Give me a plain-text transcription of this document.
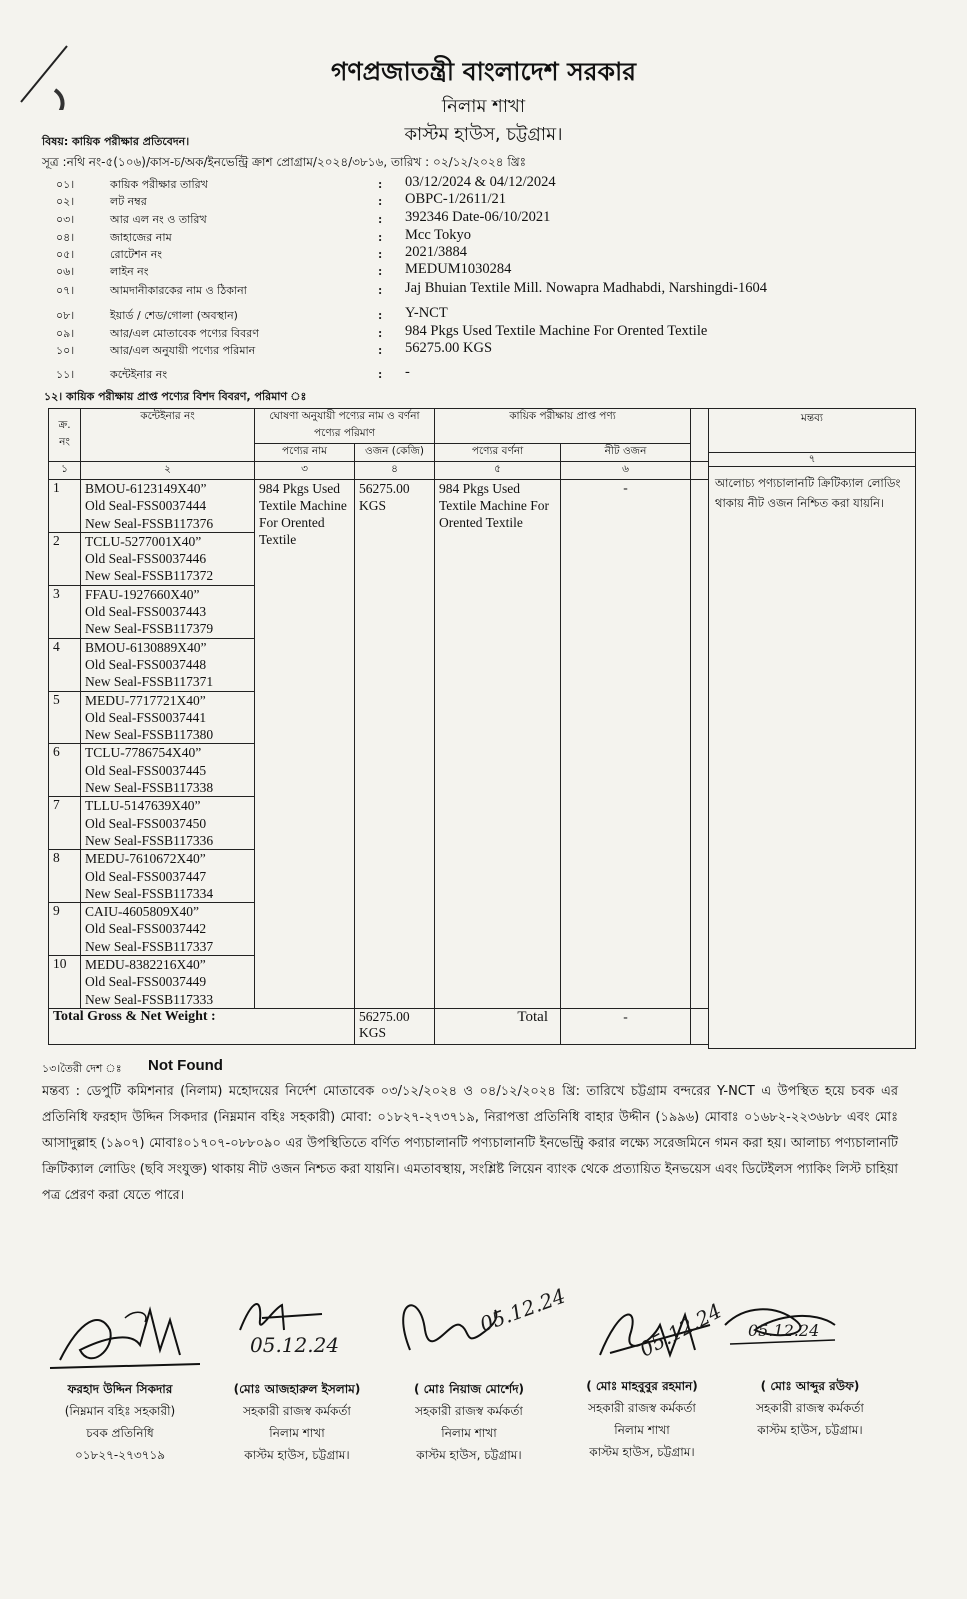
গণপ্রজাতন্ত্রী বাংলাদেশ সরকার
নিলাম শাখা
কাস্টম হাউস, চট্টগ্রাম।
বিষয়: কায়িক পরীক্ষার প্রতিবেদন।
সূত্র :নথি নং-৫(১০৬)/কাস-চ/অক/ইনভেন্ট্রি ক্রাশ প্রোগ্রাম/২০২৪/৩৮১৬, তারিখ : ০২/১২/২০২৪ খ্রিঃ
০১।	কায়িক পরীক্ষার তারিখ	: 03/12/2024 & 04/12/2024
০২।	লট নম্বর	: OBPC-1/2611/21
০৩।	আর এল নং ও তারিখ	: 392346 Date-06/10/2021
০৪।	জাহাজের নাম	: Mcc Tokyo
০৫।	রোটেশন নং	: 2021/3884
০৬।	লাইন নং	: MEDUM1030284
০৭।	আমদানীকারকের নাম ও ঠিকানা	: Jaj Bhuian Textile Mill. Nowapra Madhabdi, Narshingdi-1604
০৮।	ইয়ার্ড / শেড/গোলা (অবস্থান)	: Y-NCT
০৯।	আর/এল মোতাবেক পণ্যের বিবরণ	: 984 Pkgs Used Textile Machine For Orented Textile
১০।	আর/এল অনুযায়ী পণ্যের পরিমান	: 56275.00 KGS
১১।	কন্টেইনার নং	: -
১২। কায়িক পরীক্ষায় প্রাপ্ত পণ্যের বিশদ বিবরণ, পরিমাণ ঃ
ক্র. নং	কন্টেইনার নং	ঘোষণা অনুযায়ী পণ্যের নাম ও বর্ণনা পণ্যের পরিমাণ		কায়িক পরীক্ষায় প্রাপ্ত পণ্য		
		পণ্যের নাম	ওজন (কেজি)	পণ্যের বর্ণনা	নীট ওজন	
১	২	৩	৪	৫	৬	
1	BMOU-6123149X40”
Old Seal-FSS0037444
New Seal-FSSB117376	984 Pkgs Used Textile Machine For Orented Textile	56275.00 KGS	984 Pkgs Used Textile Machine For Orented Textile	-	
2	TCLU-5277001X40”
Old Seal-FSS0037446
New Seal-FSSB117372					

3	FFAU-1927660X40”
Old Seal-FSS0037443
New Seal-FSSB117379					

4	BMOU-6130889X40”
Old Seal-FSS0037448
New Seal-FSSB117371					

5	MEDU-7717721X40”
Old Seal-FSS0037441
New Seal-FSSB117380					

6	TCLU-7786754X40”
Old Seal-FSS0037445
New Seal-FSSB117338					

7	TLLU-5147639X40”
Old Seal-FSS0037450
New Seal-FSSB117336					

8	MEDU-7610672X40”
Old Seal-FSS0037447
New Seal-FSSB117334					

9	CAIU-4605809X40”
Old Seal-FSS0037442
New Seal-FSSB117337					

10	MEDU-8382216X40”
Old Seal-FSS0037449
New Seal-FSSB117333					

Total Gross & Net Weight :			56275.00 KGS	Total	-	
মন্তব্য
৭
আলোচ্য পণ্যচালানটি ক্রিটিক্যাল লোডিং থাকায় নীট ওজন নিশ্চিত করা যায়নি।
১৩।তৈরী দেশ ঃ Not Found
মন্তব্য : ডেপুটি কমিশনার (নিলাম) মহোদয়ের নির্দেশ মোতাবেক ০৩/১২/২০২৪ ও ০৪/১২/২০২৪ খ্রি: তারিখে চট্টগ্রাম বন্দরের Y-NCT এ উপস্থিত হয়ে চবক এর প্রতিনিধি ফরহাদ উদ্দিন সিকদার (নিম্নমান বহিঃ সহকারী) মোবা: ০১৮২৭-২৭৩৭১৯, নিরাপত্তা প্রতিনিধি বাহার উদ্দীন (১৯৯৬) মোবাঃ ০১৬৮২-২২৩৬৮৮ এবং মোঃ আসাদুল্লাহ (১৯০৭) মোবাঃ০১৭০৭-০৮৮০৯০ এর উপস্থিতিতে বর্ণিত পণ্যচালানটি পণ্যচালানটি ইনভেন্ট্রি করার লক্ষ্যে সরেজমিনে গমন করা হয়। আলাচ্য পণ্যচালানটি ক্রিটিক্যাল লোডিং (ছবি সংযুক্ত) থাকায় নীট ওজন নিশ্চত করা যায়নি। এমতাবস্থায়, সংশ্লিষ্ট লিয়েন ব্যাংক থেকে প্রত্যায়িত ইনভয়েস এবং ডিটেইলস প্যাকিং লিস্ট চাহিয়া পত্র প্রেরণ করা যেতে পারে।
05.12.24
05.12.24	05.12.24 05.12.24
ফরহাদ উদ্দিন সিকদার
(নিম্নমান বহিঃ সহকারী)
চবক প্রতিনিধি
০১৮২৭-২৭৩৭১৯
(মোঃ আজহারুল ইসলাম)
সহকারী রাজস্ব কর্মকর্তা
নিলাম শাখা
কাস্টম হাউস, চট্টগ্রাম।
( মোঃ নিয়াজ মোর্শেদ)
সহকারী রাজস্ব কর্মকর্তা
নিলাম শাখা
কাস্টম হাউস, চট্টগ্রাম।
( মোঃ মাহবুবুর রহমান)
সহকারী রাজস্ব কর্মকর্তা
নিলাম শাখা
কাস্টম হাউস, চট্টগ্রাম।
( মোঃ আব্দুর রউফ)
সহকারী রাজস্ব কর্মকর্তা
কাস্টম হাউস, চট্টগ্রাম।
